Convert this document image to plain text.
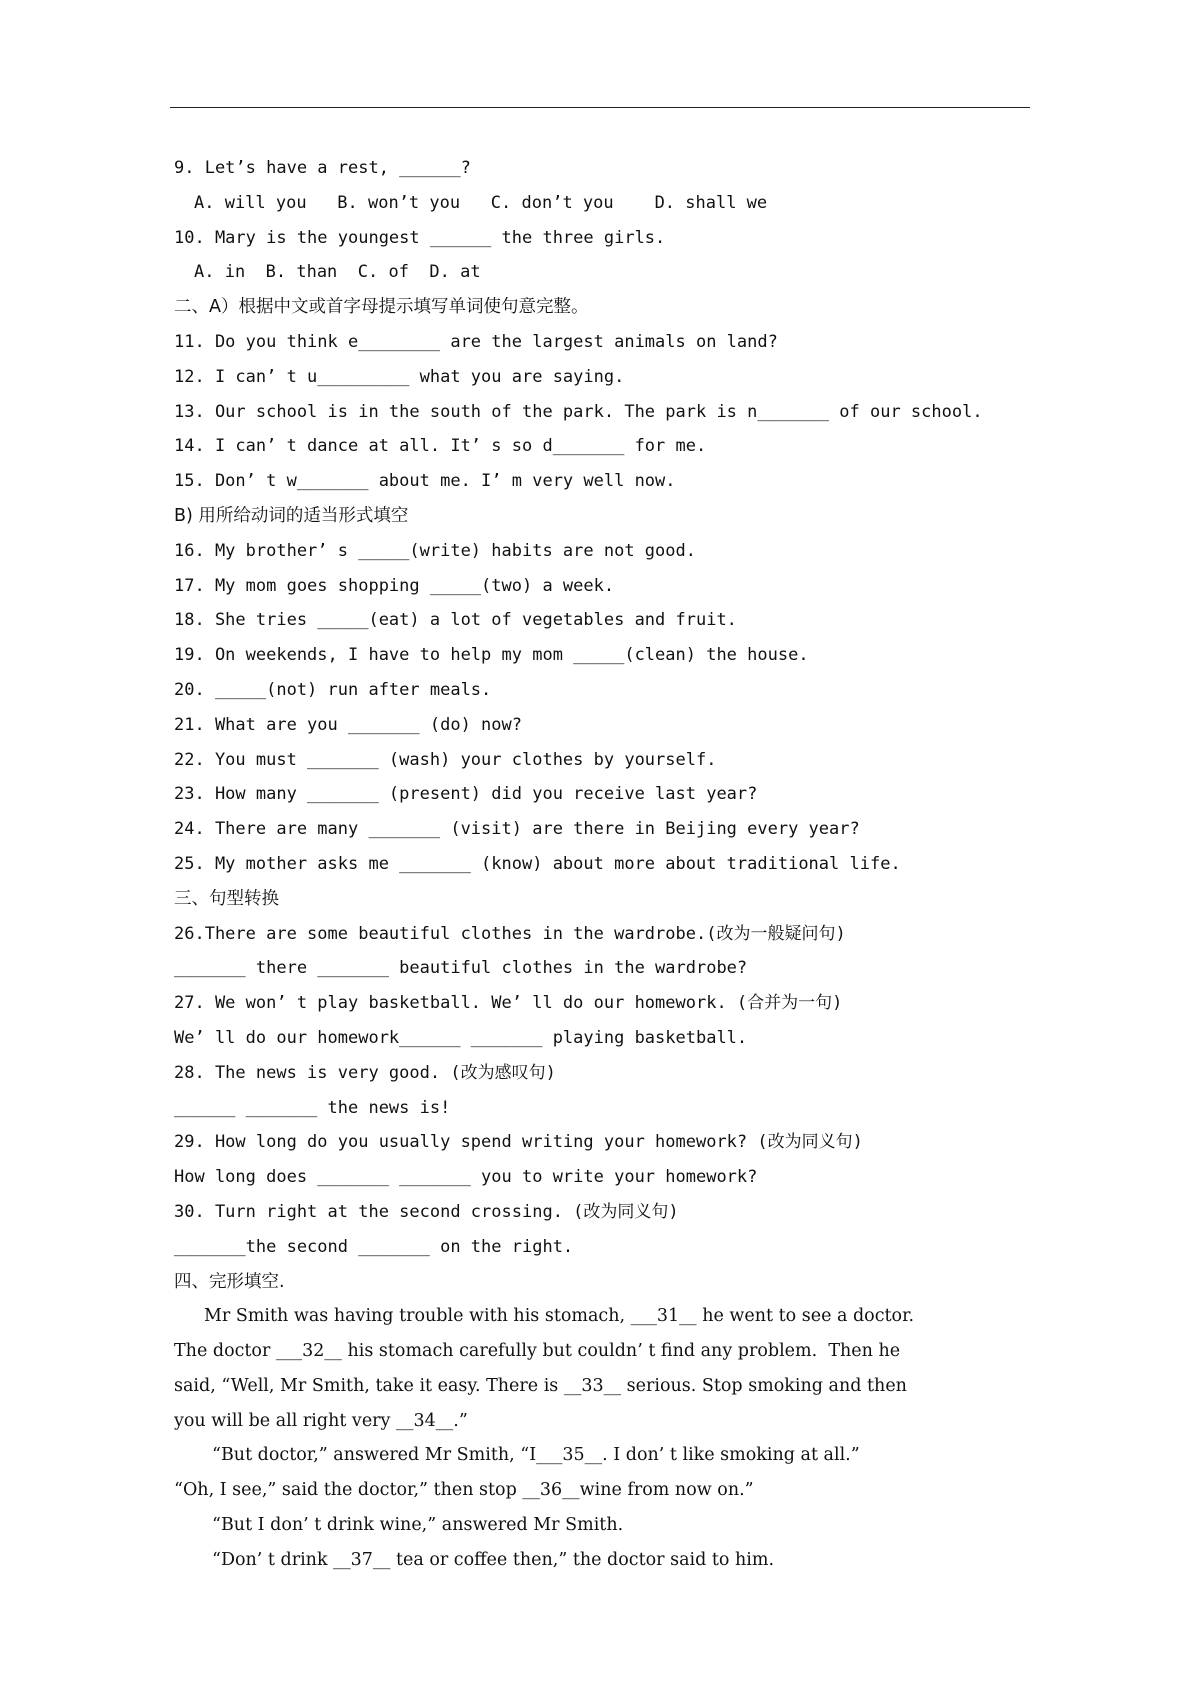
9. Let’s have a rest, ______?
A. will you   B. won’t you   C. don’t you    D. shall we
10. Mary is the youngest ______ the three girls.
A. in  B. than  C. of  D. at
二、A）根据中文或首字母提示填写单词使句意完整。
11. Do you think e________ are the largest animals on land?
12. I can’ t u_________ what you are saying.
13. Our school is in the south of the park. The park is n_______ of our school.
14. I can’ t dance at all. It’ s so d_______ for me.
15. Don’ t w_______ about me. I’ m very well now.
B) 用所给动词的适当形式填空
16. My brother’ s _____(write) habits are not good.
17. My mom goes shopping _____(two) a week.
18. She tries _____(eat) a lot of vegetables and fruit.
19. On weekends, I have to help my mom _____(clean) the house.
20. _____(not) run after meals.
21. What are you _______ (do) now?
22. You must _______ (wash) your clothes by yourself.
23. How many _______ (present) did you receive last year?
24. There are many _______ (visit) are there in Beijing every year?
25. My mother asks me _______ (know) about more about traditional life.
三、句型转换
26.There are some beautiful clothes in the wardrobe.(改为一般疑问句)
_______ there _______ beautiful clothes in the wardrobe?
27. We won’ t play basketball. We’ ll do our homework. (合并为一句)
We’ ll do our homework______ _______ playing basketball.
28. The news is very good. (改为感叹句)
______ _______ the news is!
29. How long do you usually spend writing your homework? (改为同义句)
How long does _______ _______ you to write your homework?
30. Turn right at the second crossing. (改为同义句)
_______the second _______ on the right.
四、完形填空.
Mr Smith was having trouble with his stomach, ___31__ he went to see a doctor.
The doctor ___32__ his stomach carefully but couldn’ t find any problem.  Then he
said, “Well, Mr Smith, take it easy. There is __33__ serious. Stop smoking and then
you will be all right very __34__.”
“But doctor,” answered Mr Smith, “I___35__. I don’ t like smoking at all.”
“Oh, I see,” said the doctor,” then stop __36__wine from now on.”
“But I don’ t drink wine,” answered Mr Smith.
“Don’ t drink __37__ tea or coffee then,” the doctor said to him.
